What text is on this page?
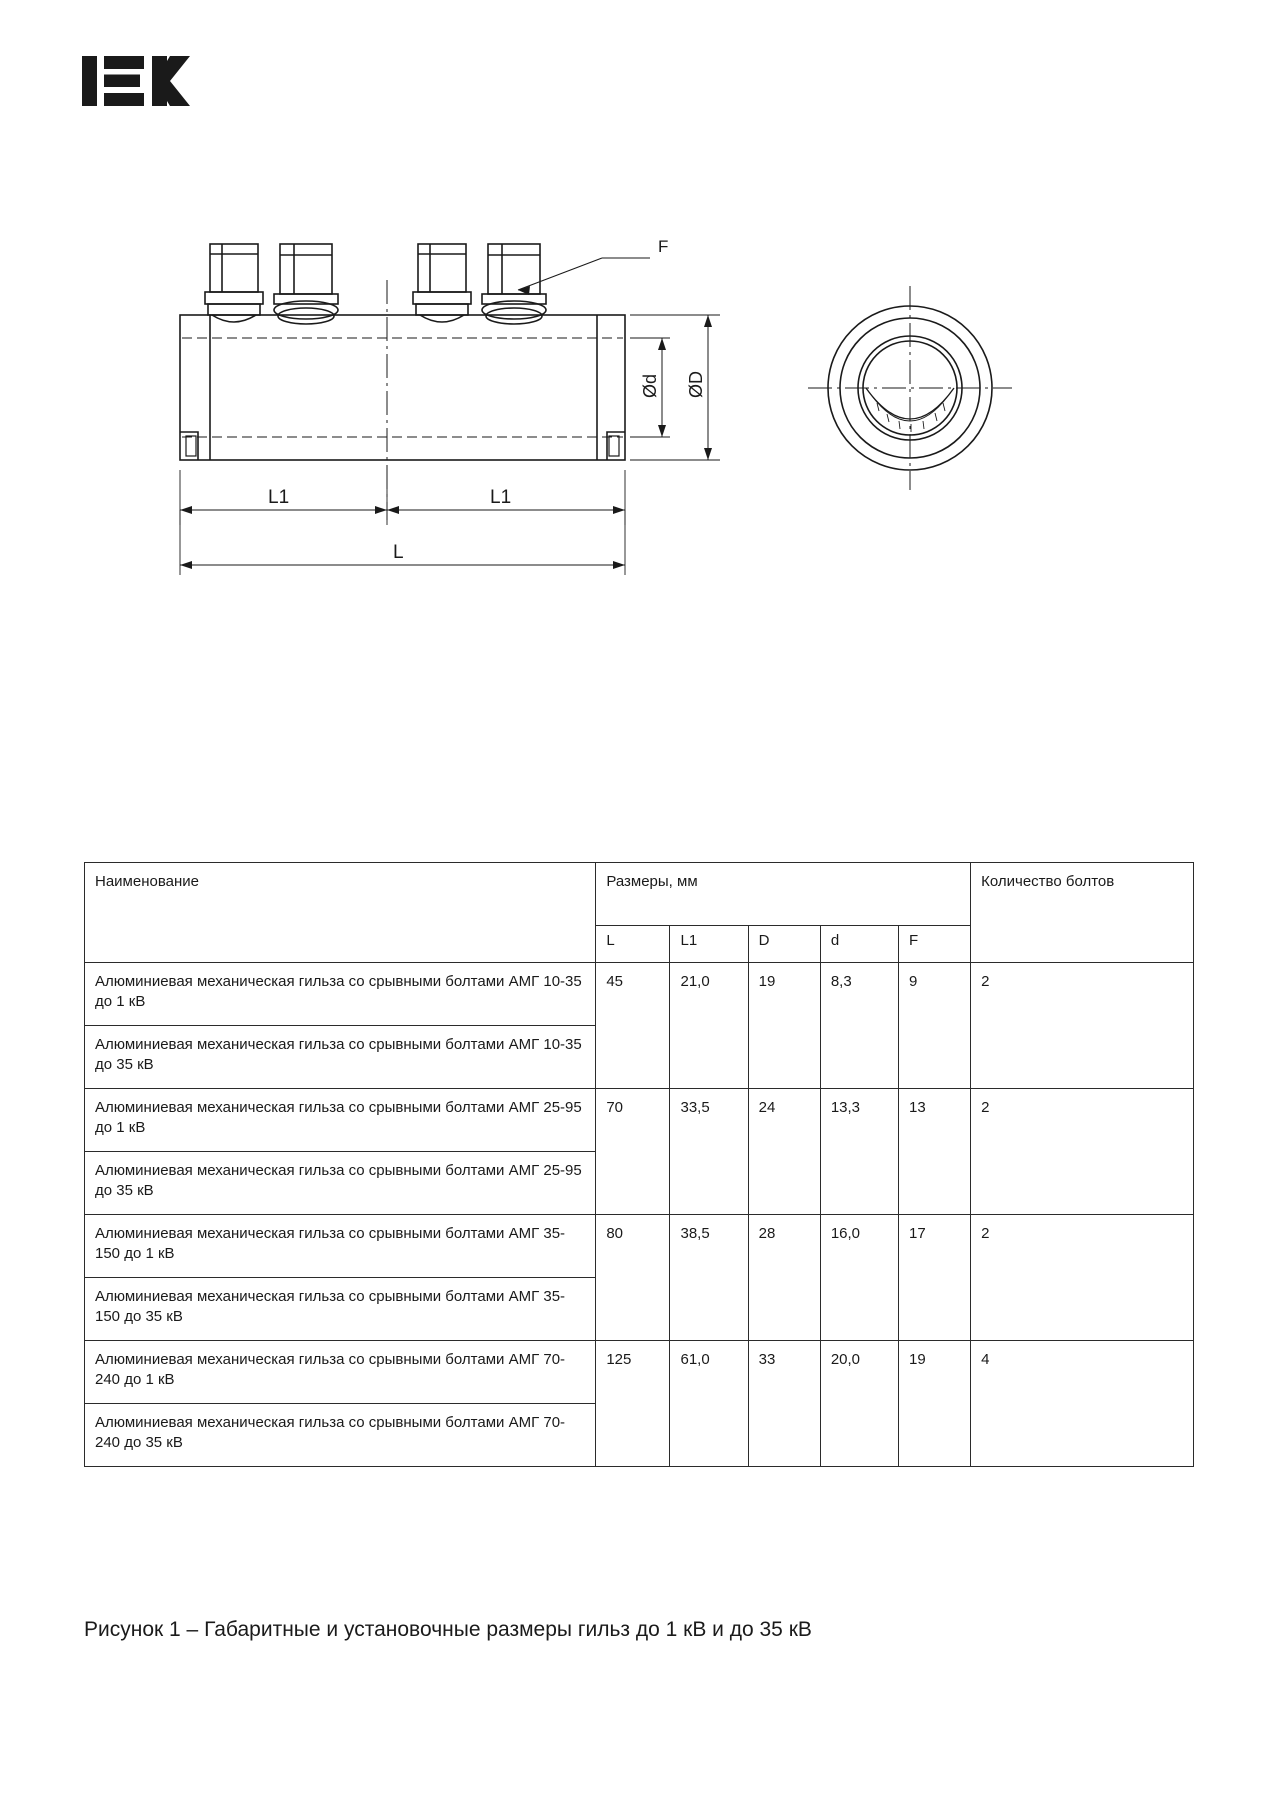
F
Ød ØD
L1	L1
L
Наименование	Размеры, мм					Количество болтов
	L	L1	D	d	F	
Алюминиевая механическая гильза со срывными болтами АМГ 10-35 до 1 кВ	45	21,0	19	8,3	9	2
Алюминиевая механическая гильза со срывными болтами АМГ 10-35 до 35 кВ						
Алюминиевая механическая гильза со срывными болтами АМГ 25-95 до 1 кВ	70	33,5	24	13,3	13	2
Алюминиевая механическая гильза со срывными болтами АМГ 25-95 до 35 кВ						
Алюминиевая механическая гильза со срывными болтами АМГ 35-150 до 1 кВ	80	38,5	28	16,0	17	2
Алюминиевая механическая гильза со срывными болтами АМГ 35-150 до 35 кВ						
Алюминиевая механическая гильза со срывными болтами АМГ 70-240 до 1 кВ	125	61,0	33	20,0	19	4
Алюминиевая механическая гильза со срывными болтами АМГ 70-240 до 35 кВ						
Рисунок 1 – Габаритные и установочные размеры гильз до 1 кВ и до 35 кВ
